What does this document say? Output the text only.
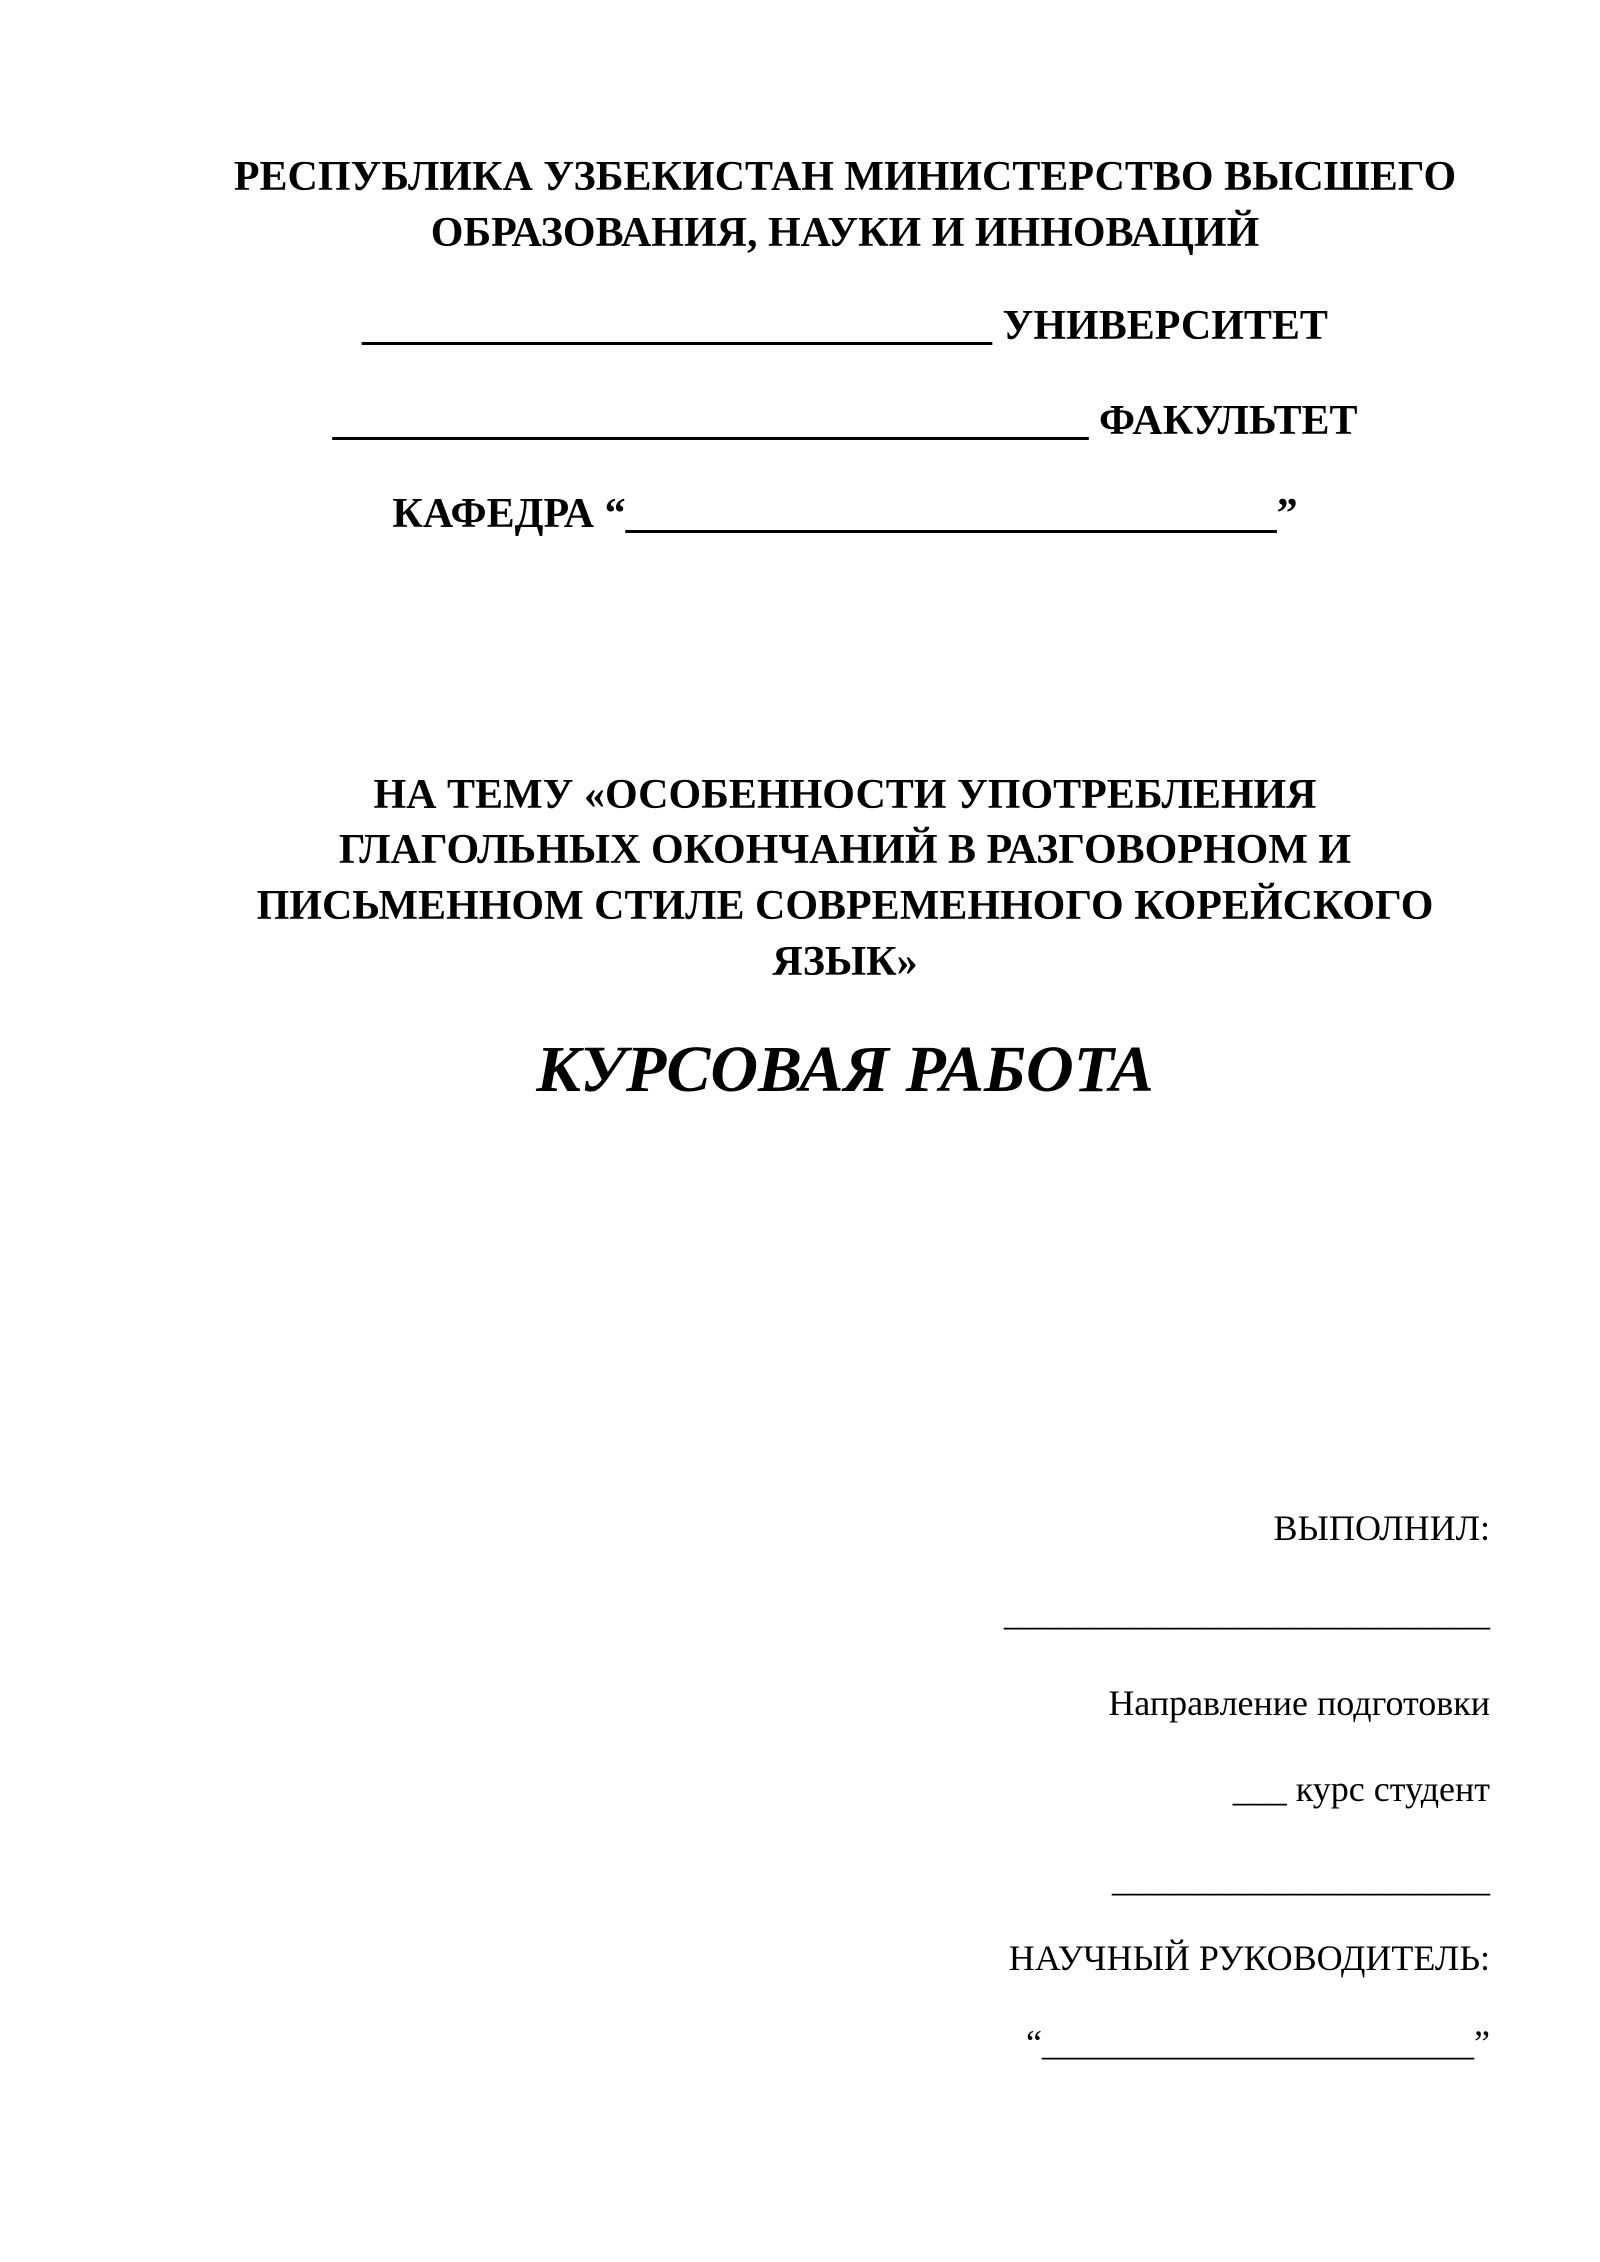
РЕСПУБЛИКА УЗБЕКИСТАН МИНИСТЕРСТВО ВЫСШЕГО
ОБРАЗОВАНИЯ, НАУКИ И ИННОВАЦИЙ
______________________________ УНИВЕРСИТЕТ
____________________________________ ФАКУЛЬТЕТ
КАФЕДРА “_______________________________”
НА ТЕМУ «ОСОБЕННОСТИ УПОТРЕБЛЕНИЯ
ГЛАГОЛЬНЫХ ОКОНЧАНИЙ В РАЗГОВОРНОМ И
ПИСЬМЕННОМ СТИЛЕ СОВРЕМЕННОГО КОРЕЙСКОГО
ЯЗЫК»
КУРСОВАЯ РАБОТА
ВЫПОЛНИЛ:
___________________________
Направление подготовки
___ курс студент
_____________________
НАУЧНЫЙ РУКОВОДИТЕЛЬ:
“________________________”
